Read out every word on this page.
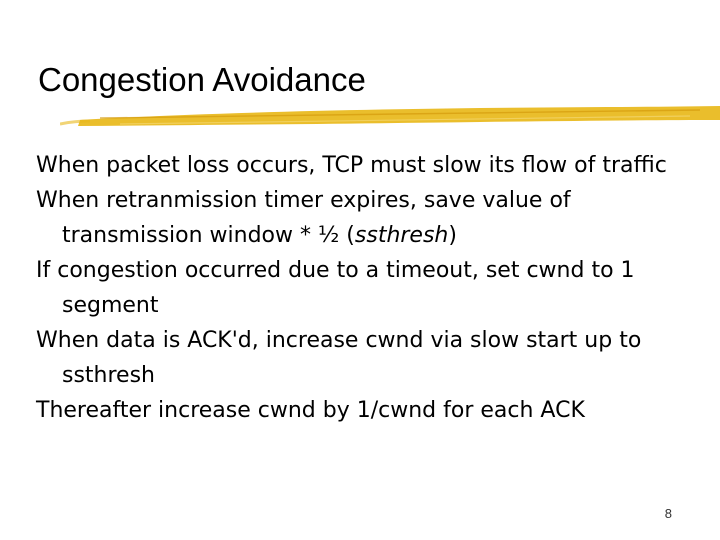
Congestion Avoidance
When packet loss occurs, TCP must slow its flow of traffic
When retranmission timer expires, save value of transmission window * ½ (ssthresh)
If congestion occurred due to a timeout, set cwnd to 1 segment
When data is ACK'd, increase cwnd via slow start up to ssthresh
Thereafter increase cwnd by 1/cwnd for each ACK
8
